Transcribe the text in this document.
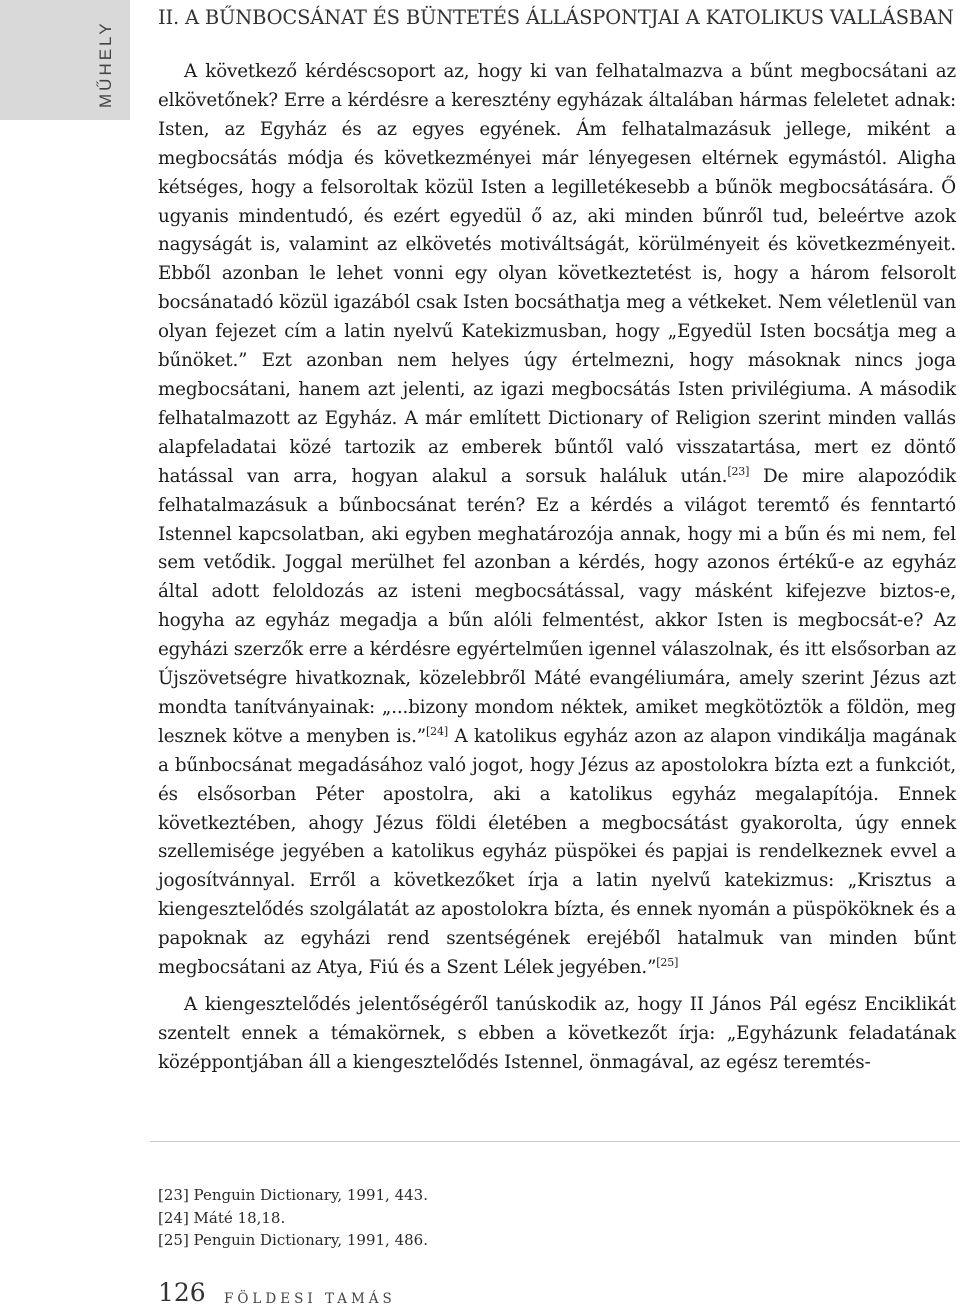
MŰHELY
II. A BŰNBOCSÁNAT ÉS BÜNTETÉS ÁLLÁSPONTJAI A KATOLIKUS VALLÁSBAN

A következő kérdéscsoport az, hogy ki van felhatalmazva a bűnt megbocsátani az elkövetőnek? Erre a kérdésre a keresztény egyházak általában hármas feleletet adnak: Isten, az Egyház és az egyes egyének. Ám felhatalmazásuk jellege, miként a megbocsátás módja és következményei már lényegesen eltérnek egymástól. Aligha kétséges, hogy a felsoroltak közül Isten a legilletékesebb a bűnök megbocsátására. Ő ugyanis mindentudó, és ezért egyedül ő az, aki minden bűnről tud, beleértve azok nagyságát is, valamint az elkövetés motiváltságát, körülményeit és következményeit. Ebből azonban le lehet vonni egy olyan következtetést is, hogy a három felsorolt bocsánatadó közül igazából csak Isten bocsáthatja meg a vétkeket. Nem véletlenül van olyan fejezet cím a latin nyelvű Katekizmusban, hogy „Egyedül Isten bocsátja meg a bűnöket.” Ezt azonban nem helyes úgy értelmezni, hogy másoknak nincs joga megbocsátani, hanem azt jelenti, az igazi megbocsátás Isten privilégiuma. A második felhatalmazott az Egyház. A már említett Dictionary of Religion szerint minden vallás alapfeladatai közé tartozik az emberek bűntől való visszatartása, mert ez döntő hatással van arra, hogyan alakul a sorsuk haláluk után.[23] De mire alapozódik felhatalmazásuk a bűnbocsánat terén? Ez a kérdés a világot teremtő és fenntartó Istennel kapcsolatban, aki egyben meghatározója annak, hogy mi a bűn és mi nem, fel sem vetődik. Joggal merülhet fel azonban a kérdés, hogy azonos értékű-e az egyház által adott feloldozás az isteni megbocsátással, vagy másként kifejezve biztos-e, hogyha az egyház megadja a bűn alóli felmentést, akkor Isten is megbocsát-e? Az egyházi szerzők erre a kérdésre egyértelműen igennel válaszolnak, és itt elsősorban az Újszövetségre hivatkoznak, közelebbről Máté evangéliumára, amely szerint Jézus azt mondta tanítványainak: „...bizony mondom néktek, amiket megkötöztök a földön, meg lesznek kötve a menyben is.”[24] A katolikus egyház azon az alapon vindikálja magának a bűnbocsánat megadásához való jogot, hogy Jézus az apostolokra bízta ezt a funkciót, és elsősorban Péter apostolra, aki a katolikus egyház megalapítója. Ennek következtében, ahogy Jézus földi életében a megbocsátást gyakorolta, úgy ennek szellemisége jegyében a katolikus egyház püspökei és papjai is rendelkeznek evvel a jogosítvánnyal. Erről a következőket írja a latin nyelvű katekizmus: „Krisztus a kiengesztelődés szolgálatát az apostolokra bízta, és ennek nyomán a püspököknek és a papoknak az egyházi rend szentségének erejéből hatalmuk van minden bűnt megbocsátani az Atya, Fiú és a Szent Lélek jegyében.”[25]

A kiengesztelődés jelentőségéről tanúskodik az, hogy II János Pál egész Enciklikát szentelt ennek a témakörnek, s ebben a következőt írja: „Egyházunk feladatának középpontjában áll a kiengesztelődés Istennel, önmagával, az egész teremtés-

[23] Penguin Dictionary, 1991, 443.
[24] Máté 18,18.
[25] Penguin Dictionary, 1991, 486.
126 FÖLDESI TAMÁS
